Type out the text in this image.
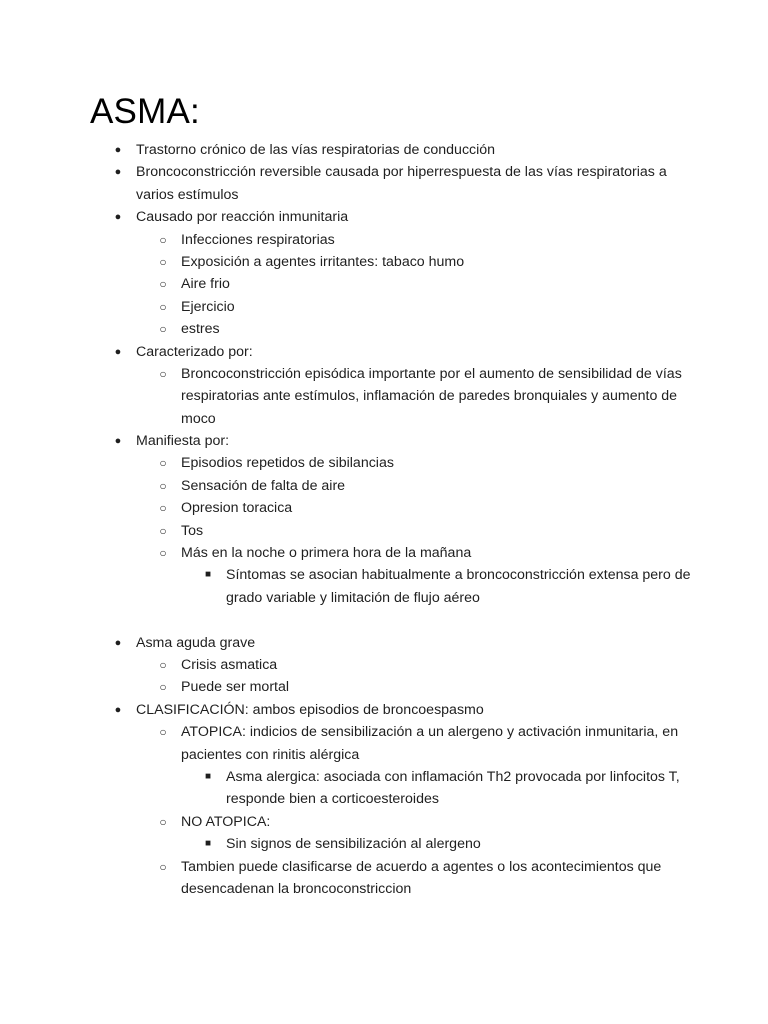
ASMA:
● Trastorno crónico de las vías respiratorias de conducción
● Broncoconstricción reversible causada por hiperrespuesta de las vías respiratorias a
varios estímulos
● Causado por reacción inmunitaria
○ Infecciones respiratorias
○ Exposición a agentes irritantes: tabaco humo
○ Aire frio
○ Ejercicio
○ estres
● Caracterizado por:
○ Broncoconstricción episódica importante por el aumento de sensibilidad de vías
respiratorias ante estímulos, inflamación de paredes bronquiales y aumento de
moco
● Manifiesta por:
○ Episodios repetidos de sibilancias
○ Sensación de falta de aire
○ Opresion toracica
○ Tos
○ Más en la noche o primera hora de la mañana
■ Síntomas se asocian habitualmente a broncoconstricción extensa pero de
grado variable y limitación de flujo aéreo
● Asma aguda grave
○ Crisis asmatica
○ Puede ser mortal
● CLASIFICACIÓN: ambos episodios de broncoespasmo
○ ATOPICA: indicios de sensibilización a un alergeno y activación inmunitaria, en
pacientes con rinitis alérgica
■ Asma alergica: asociada con inflamación Th2 provocada por linfocitos T,
responde bien a corticoesteroides
○ NO ATOPICA:
■ Sin signos de sensibilización al alergeno
○ Tambien puede clasificarse de acuerdo a agentes o los acontecimientos que
desencadenan la broncoconstriccion
